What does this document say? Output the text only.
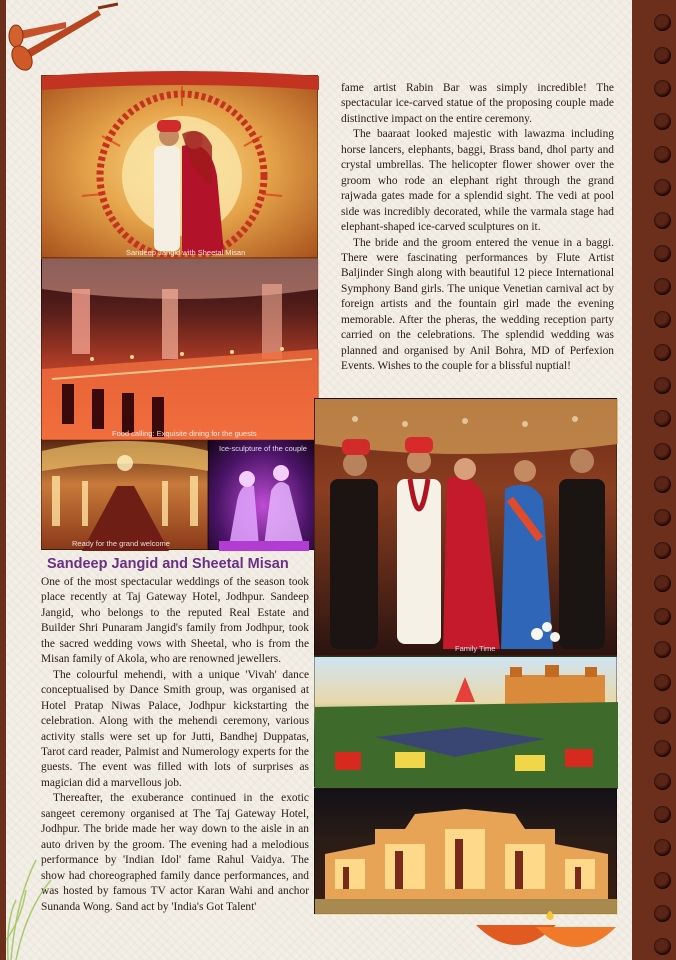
Sandeep Jangid with Sheetal Misan
Food calling: Exquisite dining for the guests
Ready for the grand welcome
Ice-sculpture of the couple
Family Time

fame artist Rabin Bar was simply incredible! The spectacular ice-carved statue of the proposing couple made distinctive impact on the entire ceremony.

The baaraat looked majestic with lawazma including horse lancers, elephants, baggi, Brass band, dhol party and crystal umbrellas. The helicopter flower shower over the groom who rode an elephant right through the grand rajwada gates made for a splendid sight. The vedi at pool side was incredibly decorated, while the varmala stage had elephant-shaped ice-carved sculptures on it.

The bride and the groom entered the venue in a baggi. There were fascinating performances by Flute Artist Baljinder Singh along with beautiful 12 piece International Symphony Band girls. The unique Venetian carnival act by foreign artists and the fountain girl made the evening memorable. After the pheras, the wedding reception party carried on the celebrations. The splendid wedding was planned and organised by Anil Bohra, MD of Perfexion Events. Wishes to the couple for a blissful nuptial!

Sandeep Jangid and Sheetal Misan

One of the most spectacular weddings of the season took place recently at Taj Gateway Hotel, Jodhpur. Sandeep Jangid, who belongs to the reputed Real Estate and Builder Shri Punaram Jangid's family from Jodhpur, took the sacred wedding vows with Sheetal, who is from the Misan family of Akola, who are renowned jewellers.

The colourful mehendi, with a unique 'Vivah' dance conceptualised by Dance Smith group, was organised at Hotel Pratap Niwas Palace, Jodhpur kickstarting the celebration. Along with the mehendi ceremony, various activity stalls were set up for Jutti, Bandhej Duppatas, Tarot card reader, Palmist and Numerology experts for the guests. The event was filled with lots of surprises as magician did a marvellous job.

Thereafter, the exuberance continued in the exotic sangeet ceremony organised at The Taj Gateway Hotel, Jodhpur. The bride made her way down to the aisle in an auto driven by the groom. The evening had a melodious performance by 'Indian Idol' fame Rahul Vaidya. The show had choreographed family dance performances, and was hosted by famous TV actor Karan Wahi and anchor Sunanda Wong. Sand act by 'India's Got Talent'
